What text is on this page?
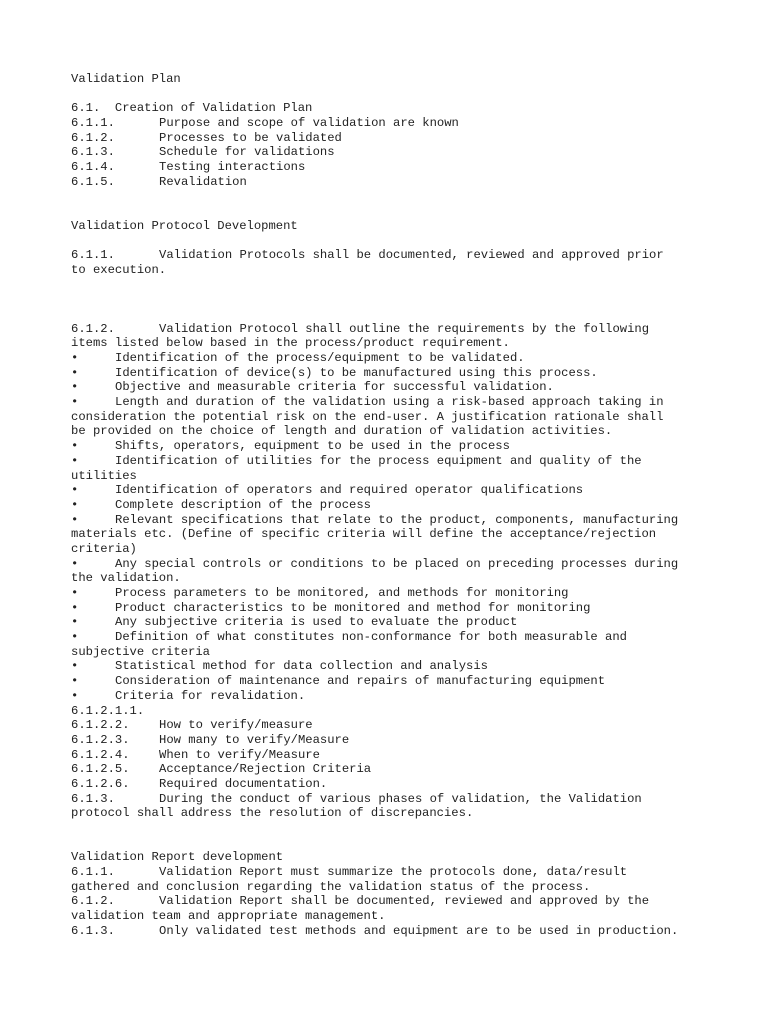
Validation Plan
6.1.  Creation of Validation Plan
6.1.1.	Purpose and scope of validation are known
6.1.2.	Processes to be validated
6.1.3.	Schedule for validations
6.1.4.	Testing interactions
6.1.5.	Revalidation
Validation Protocol Development
6.1.1.	Validation Protocols shall be documented, reviewed and approved prior
to execution.
6.1.2.	Validation Protocol shall outline the requirements by the following
items listed below based in the process/product requirement.
•	Identification of the process/equipment to be validated.
•	Identification of device(s) to be manufactured using this process.
•	Objective and measurable criteria for successful validation.
•	Length and duration of the validation using a risk-based approach taking in
consideration the potential risk on the end-user. A justification rationale shall
be provided on the choice of length and duration of validation activities.
•	Shifts, operators, equipment to be used in the process
•	Identification of utilities for the process equipment and quality of the
utilities
•	Identification of operators and required operator qualifications
•	Complete description of the process
•	Relevant specifications that relate to the product, components, manufacturing
materials etc. (Define of specific criteria will define the acceptance/rejection
criteria)
•	Any special controls or conditions to be placed on preceding processes during
the validation.
•	Process parameters to be monitored, and methods for monitoring
•	Product characteristics to be monitored and method for monitoring
•	Any subjective criteria is used to evaluate the product
•	Definition of what constitutes non-conformance for both measurable and
subjective criteria
•	Statistical method for data collection and analysis
•	Consideration of maintenance and repairs of manufacturing equipment
•	Criteria for revalidation.
6.1.2.1.1.
6.1.2.2. How to verify/measure
6.1.2.3. How many to verify/Measure
6.1.2.4. When to verify/Measure
6.1.2.5. Acceptance/Rejection Criteria
6.1.2.6. Required documentation.
6.1.3.	During the conduct of various phases of validation, the Validation
protocol shall address the resolution of discrepancies.
Validation Report development
6.1.1.	Validation Report must summarize the protocols done, data/result
gathered and conclusion regarding the validation status of the process.
6.1.2.	Validation Report shall be documented, reviewed and approved by the
validation team and appropriate management.
6.1.3.	Only validated test methods and equipment are to be used in production.
